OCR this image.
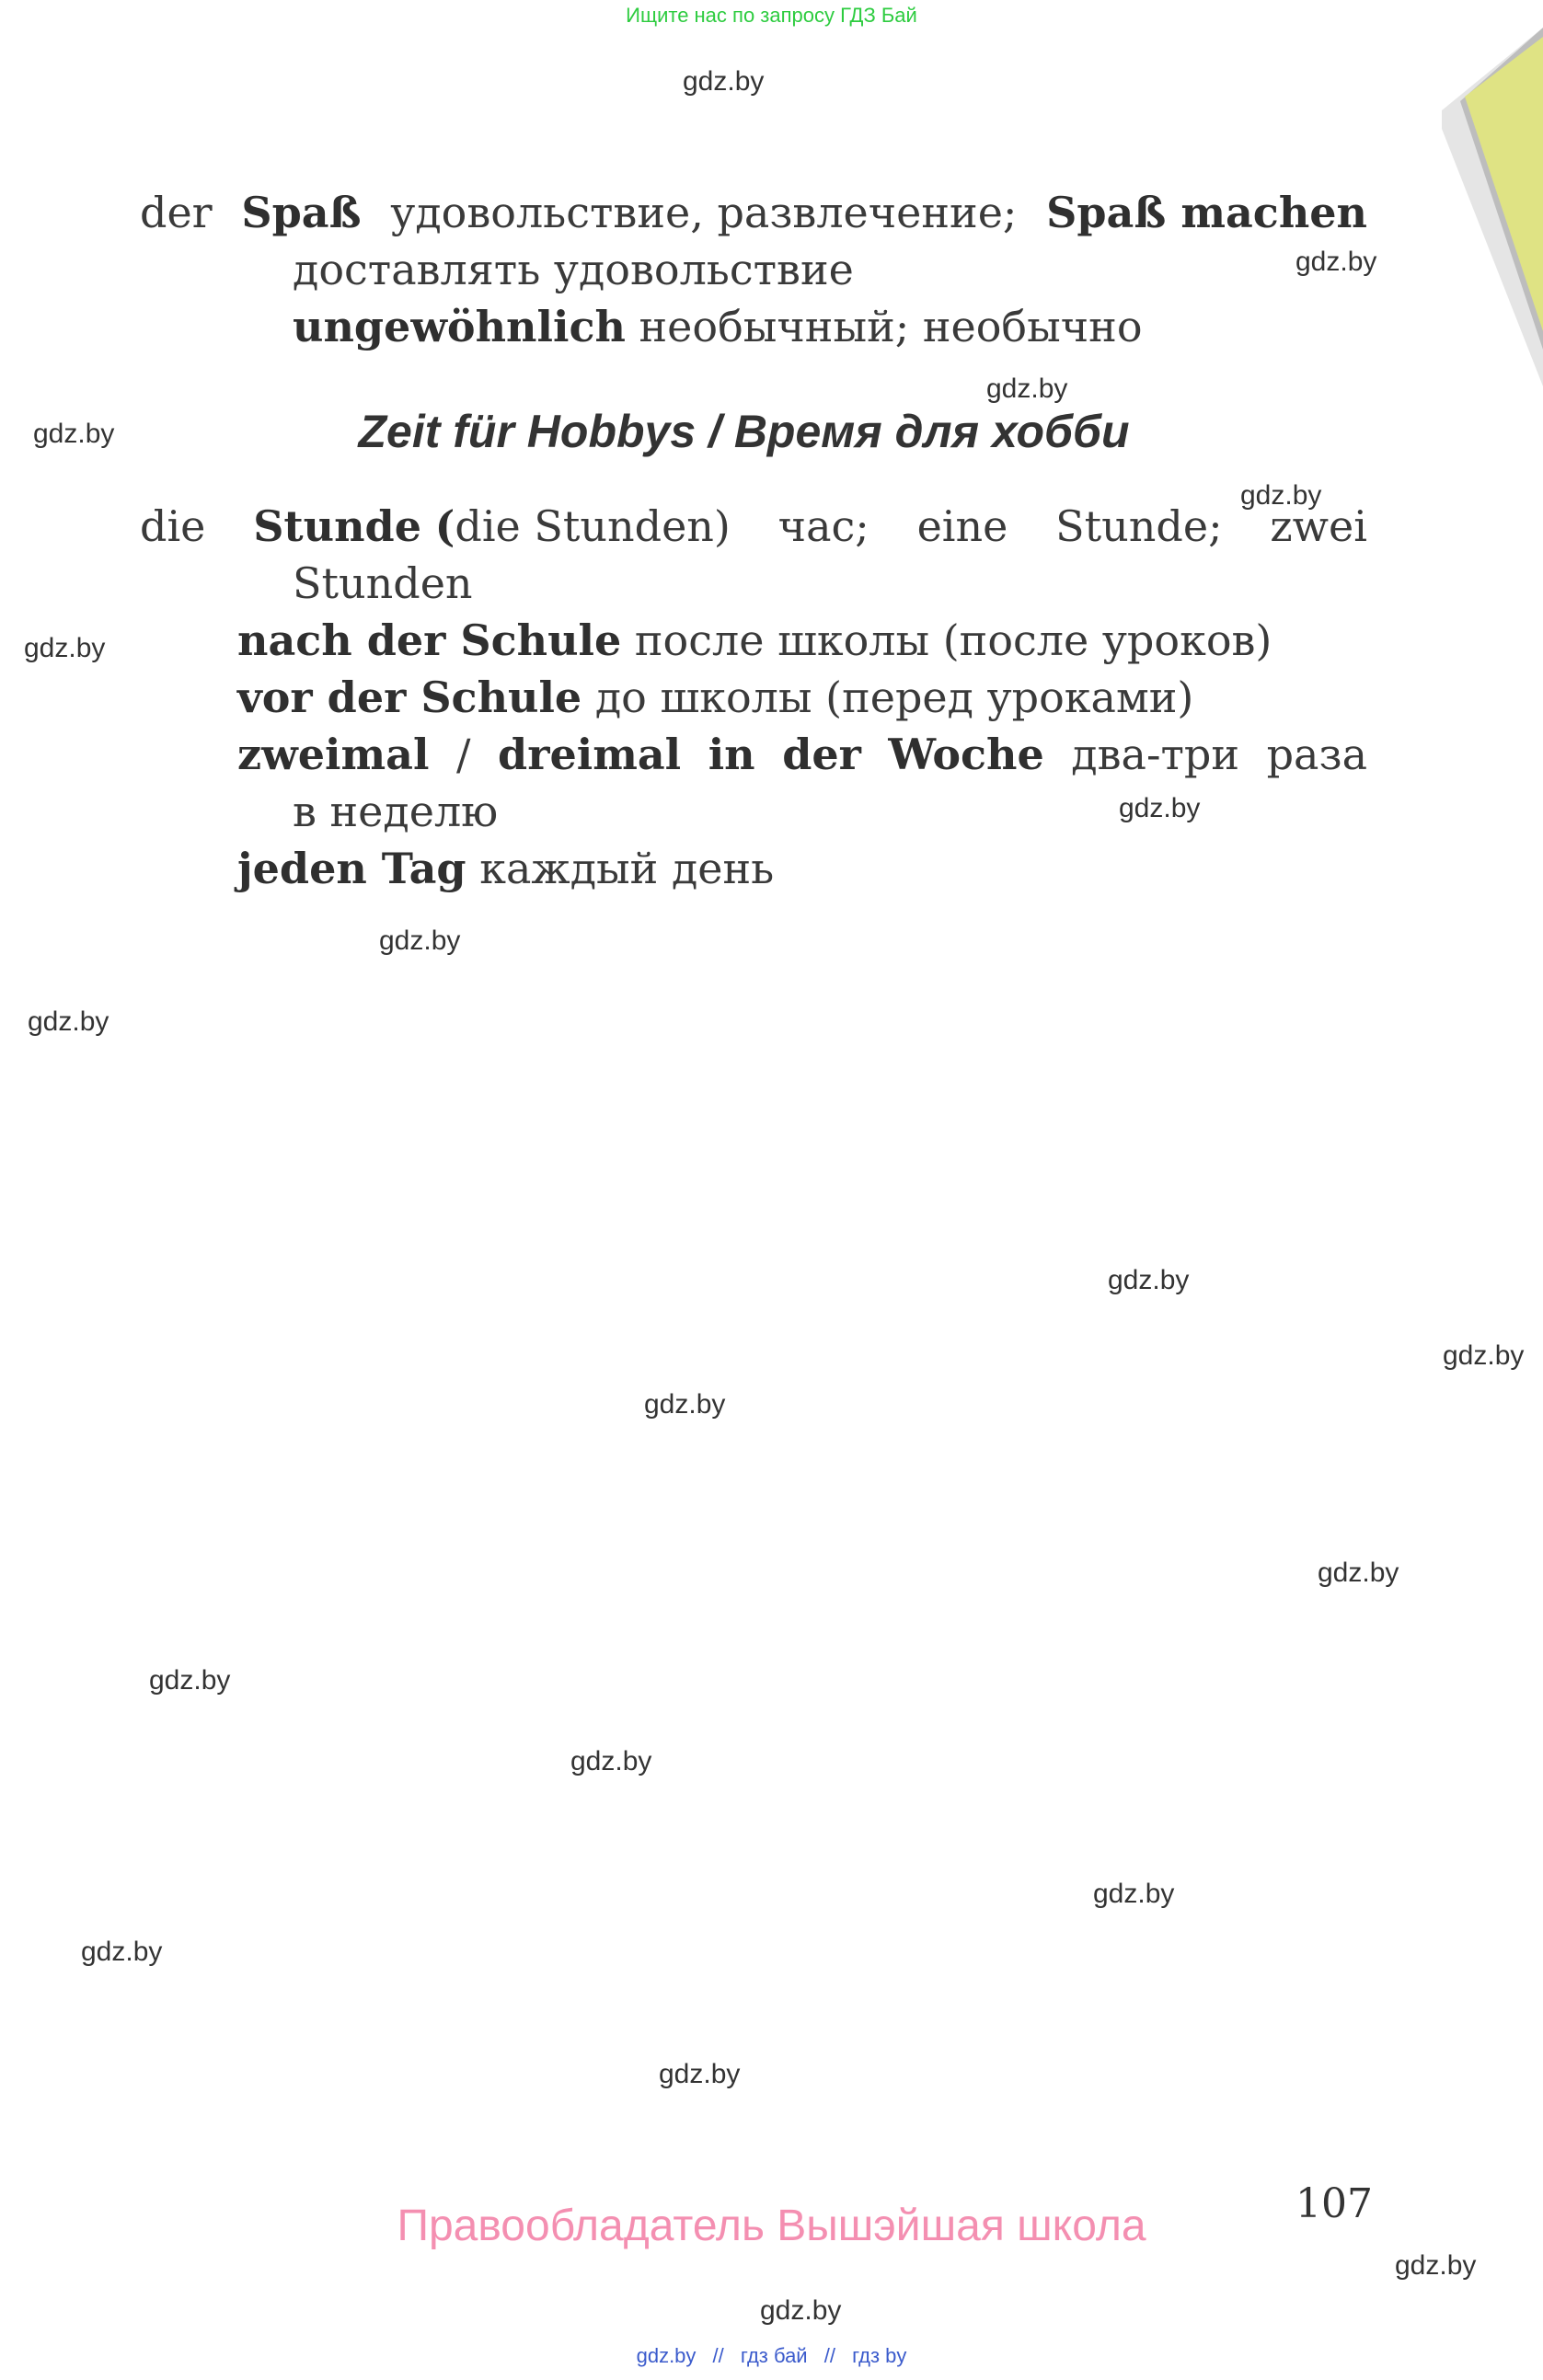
Ищите нас по запросу ГДЗ Бай
gdz.by
gdz.by
gdz.by
gdz.by
gdz.by
gdz.by
gdz.by
gdz.by
gdz.by
gdz.by
gdz.by
gdz.by
gdz.by
gdz.by
gdz.by
gdz.by
gdz.by
gdz.by
gdz.by
gdz.by
der Spaß удовольствие, развлечение; Spaß machen
доставлять удовольствие
ungewöhnlich необычный; необычно
Zeit für Hobbys / Время для хобби
die Stunde (die Stunden) час; eine Stunde; zwei
Stunden
nach der Schule после школы (после уроков)
vor der Schule до школы (перед уроками)
zweimal / dreimal in der Woche два-три раза
в неделю
jeden Tag каждый день
107
Правообладатель Вышэйшая школа
gdz.by // гдз бай // гдз by
